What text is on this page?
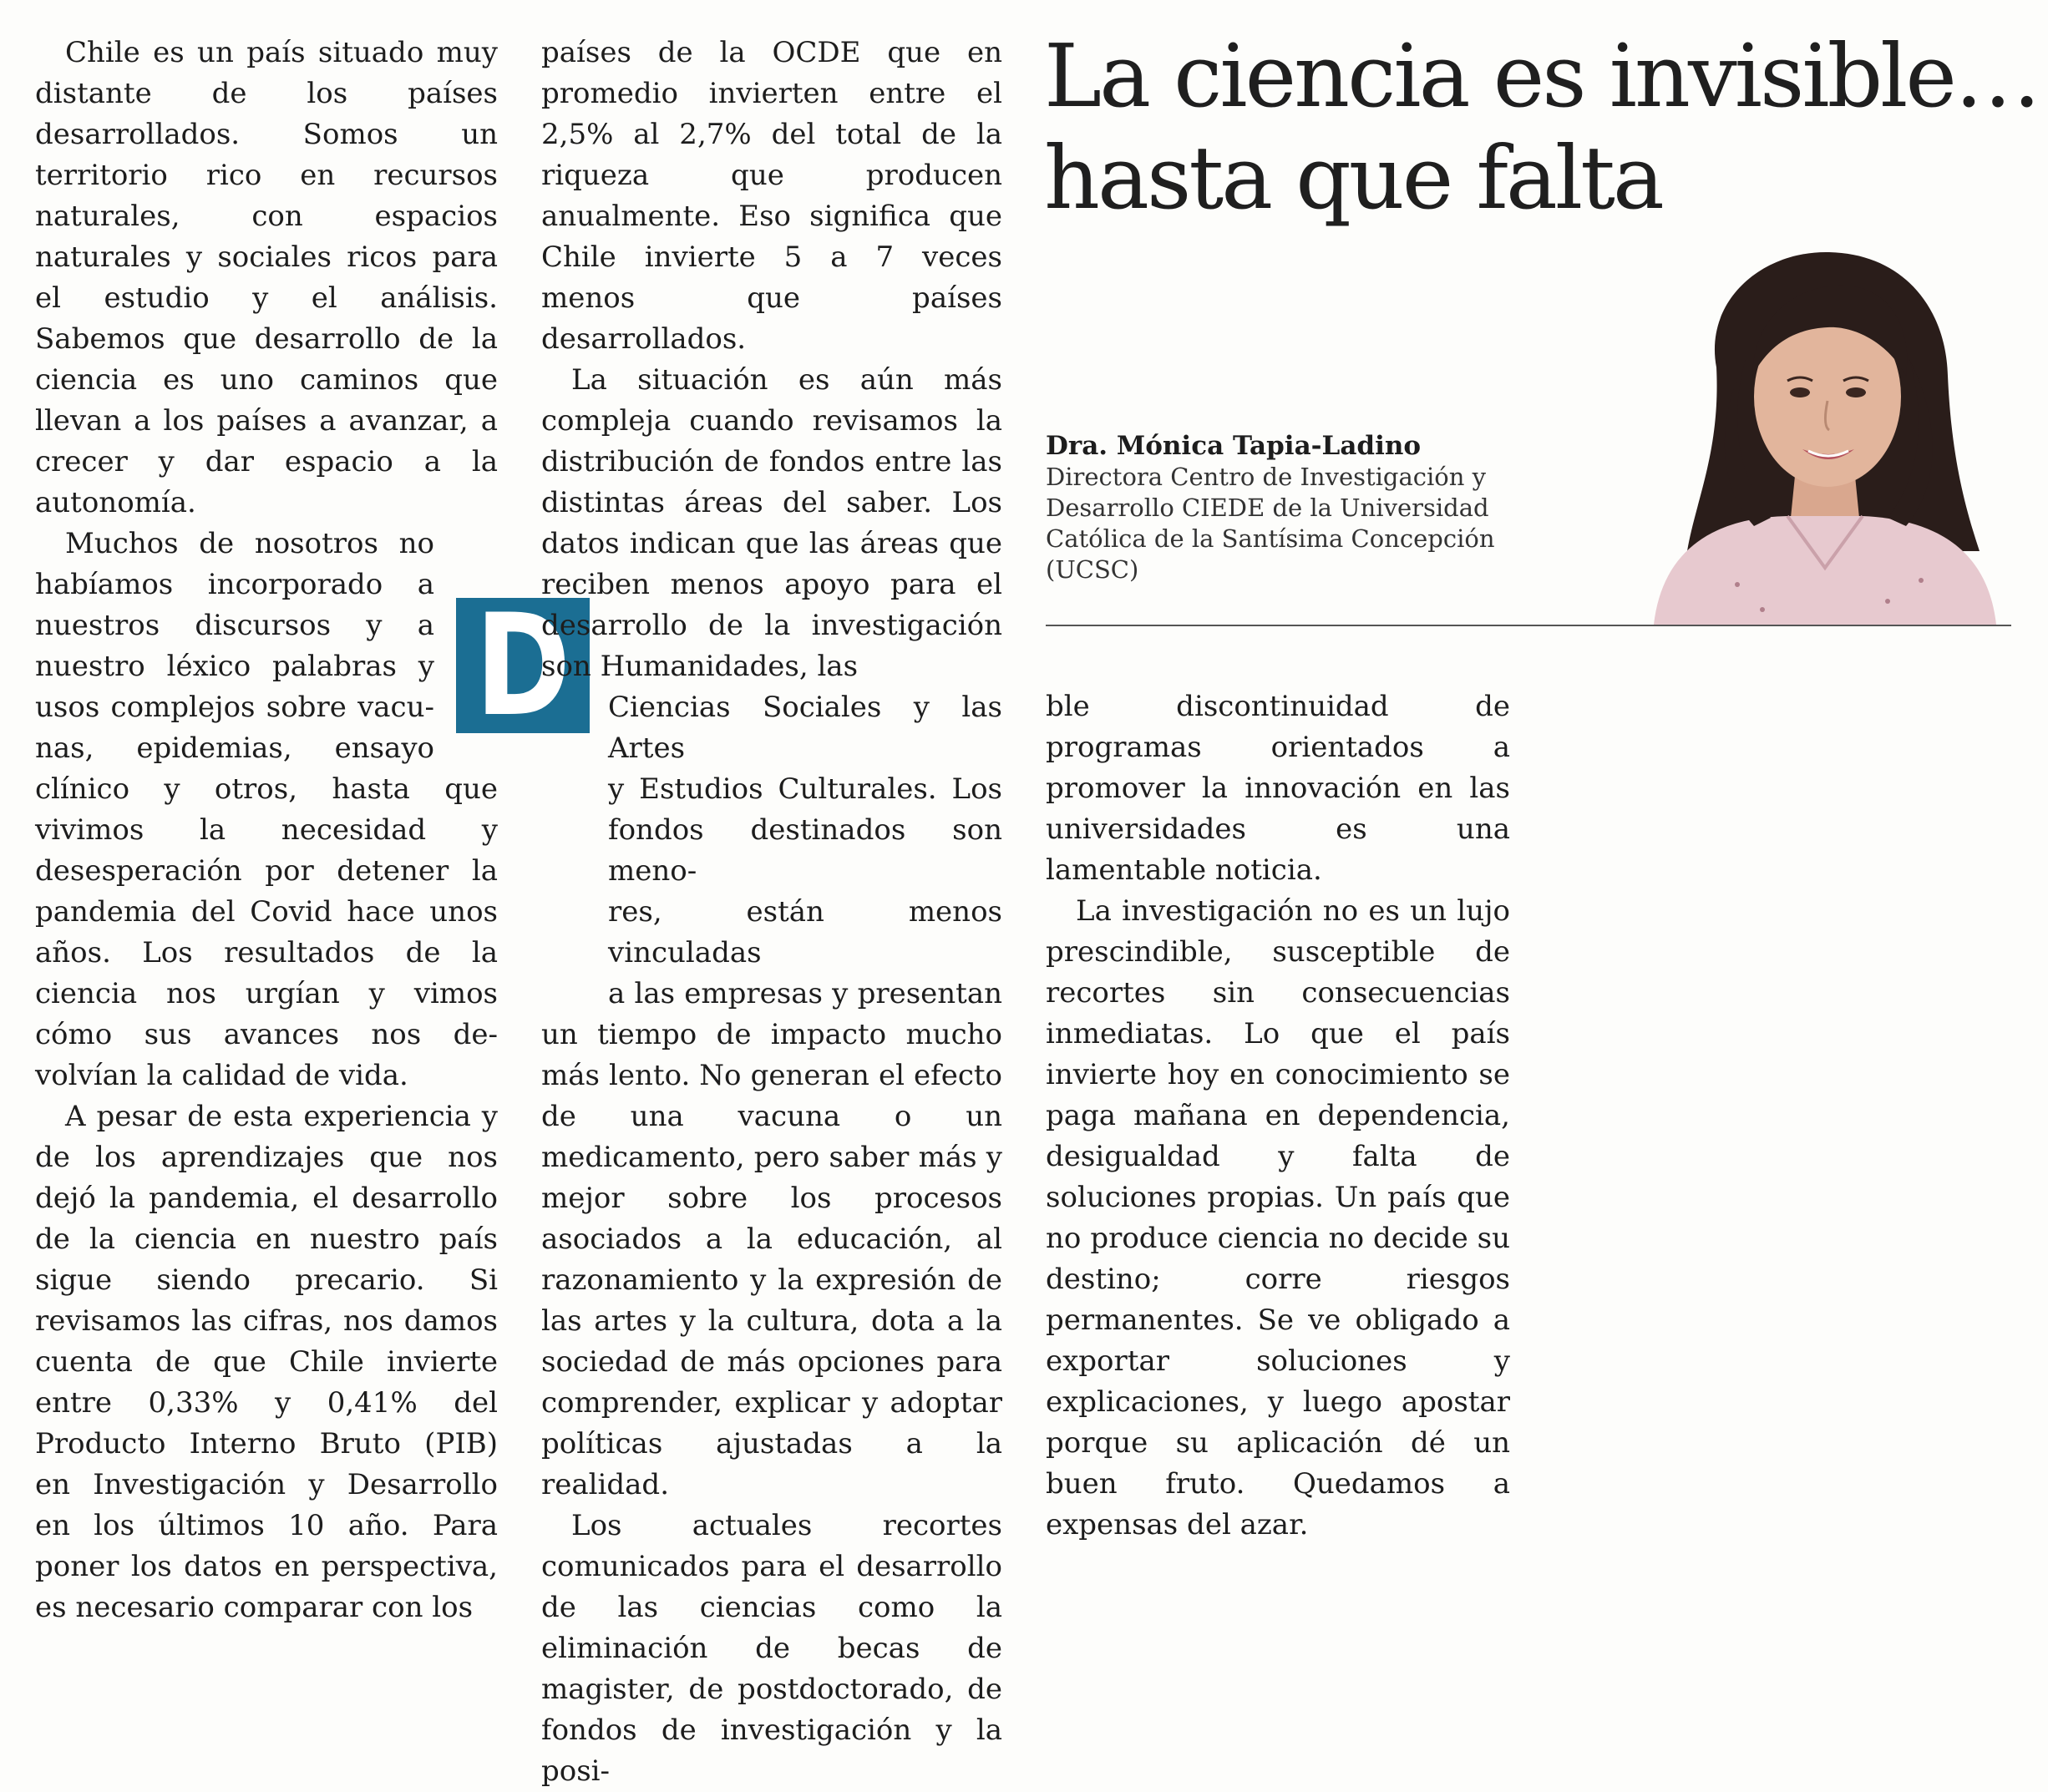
Chile es un país situado muy distante de los países desarrollados. Somos un territorio rico en recursos naturales, con espacios naturales y sociales ricos para el estudio y el análisis. Sabemos que desarrollo de la ciencia es uno caminos que llevan a los países a avanzar, a crecer y dar espacio a la autonomía.

Muchos de nosotros no habíamos incorporado a nuestros discursos y a nuestro léxico palabras y usos complejos sobre vacunas, epidemias, ensayo clínico y otros, hasta que vivimos la necesidad y desesperación por detener la pandemia del Covid hace unos años. Los resultados de la ciencia nos urgían y vimos cómo sus avances nos devolvían la calidad de vida.

A pesar de esta experiencia y de los aprendizajes que nos dejó la pandemia, el desarrollo de la ciencia en nuestro país sigue siendo precario. Si revisamos las cifras, nos damos cuenta de que Chile invierte entre 0,33% y 0,41% del Producto Interno Bruto (PIB) en Investigación y Desarrollo en los últimos 10 año. Para poner los datos en perspectiva, es necesario comparar con los

D

países de la OCDE que en promedio invierten entre el 2,5% al 2,7% del total de la riqueza que producen anualmente. Eso significa que Chile invierte 5 a 7 veces menos que países desarrollados.

La situación es aún más compleja cuando revisamos la distribución de fondos entre las distintas áreas del saber. Los datos indican que las áreas que reciben menos apoyo para el desarrollo de la investigación son Humanidades, las

Ciencias Sociales y las Artes
y Estudios Culturales. Los
fondos destinados son meno-
res, están menos vinculadas
a las empresas y presentan

un tiempo de impacto mucho más lento. No generan el efecto de una vacuna o un medicamento, pero saber más y mejor sobre los procesos asociados a la educación, al razonamiento y la expresión de las artes y la cultura, dota a la sociedad de más opciones para comprender, explicar y adoptar políticas ajustadas a la realidad.

Los actuales recortes comunicados para el desarrollo de las ciencias como la eliminación de becas de magister, de postdoctorado, de fondos de investigación y la posi-

La ciencia es invisible…
hasta que falta
Dra. Mónica Tapia-Ladino
Directora Centro de Investigación y
Desarrollo CIEDE de la Universidad
Católica de la Santísima Concepción
(UCSC)

ble discontinuidad de programas orientados a promover la innovación en las universidades es una lamentable noticia.

La investigación no es un lujo prescindible, susceptible de recortes sin consecuencias inmediatas. Lo que el país invierte hoy en conocimiento se paga mañana en dependencia, desigualdad y falta de soluciones propias. Un país que no produce ciencia no decide su destino; corre riesgos permanentes. Se ve obligado a exportar soluciones y explicaciones, y luego apostar porque su aplicación dé un buen fruto. Quedamos a expensas del azar.
